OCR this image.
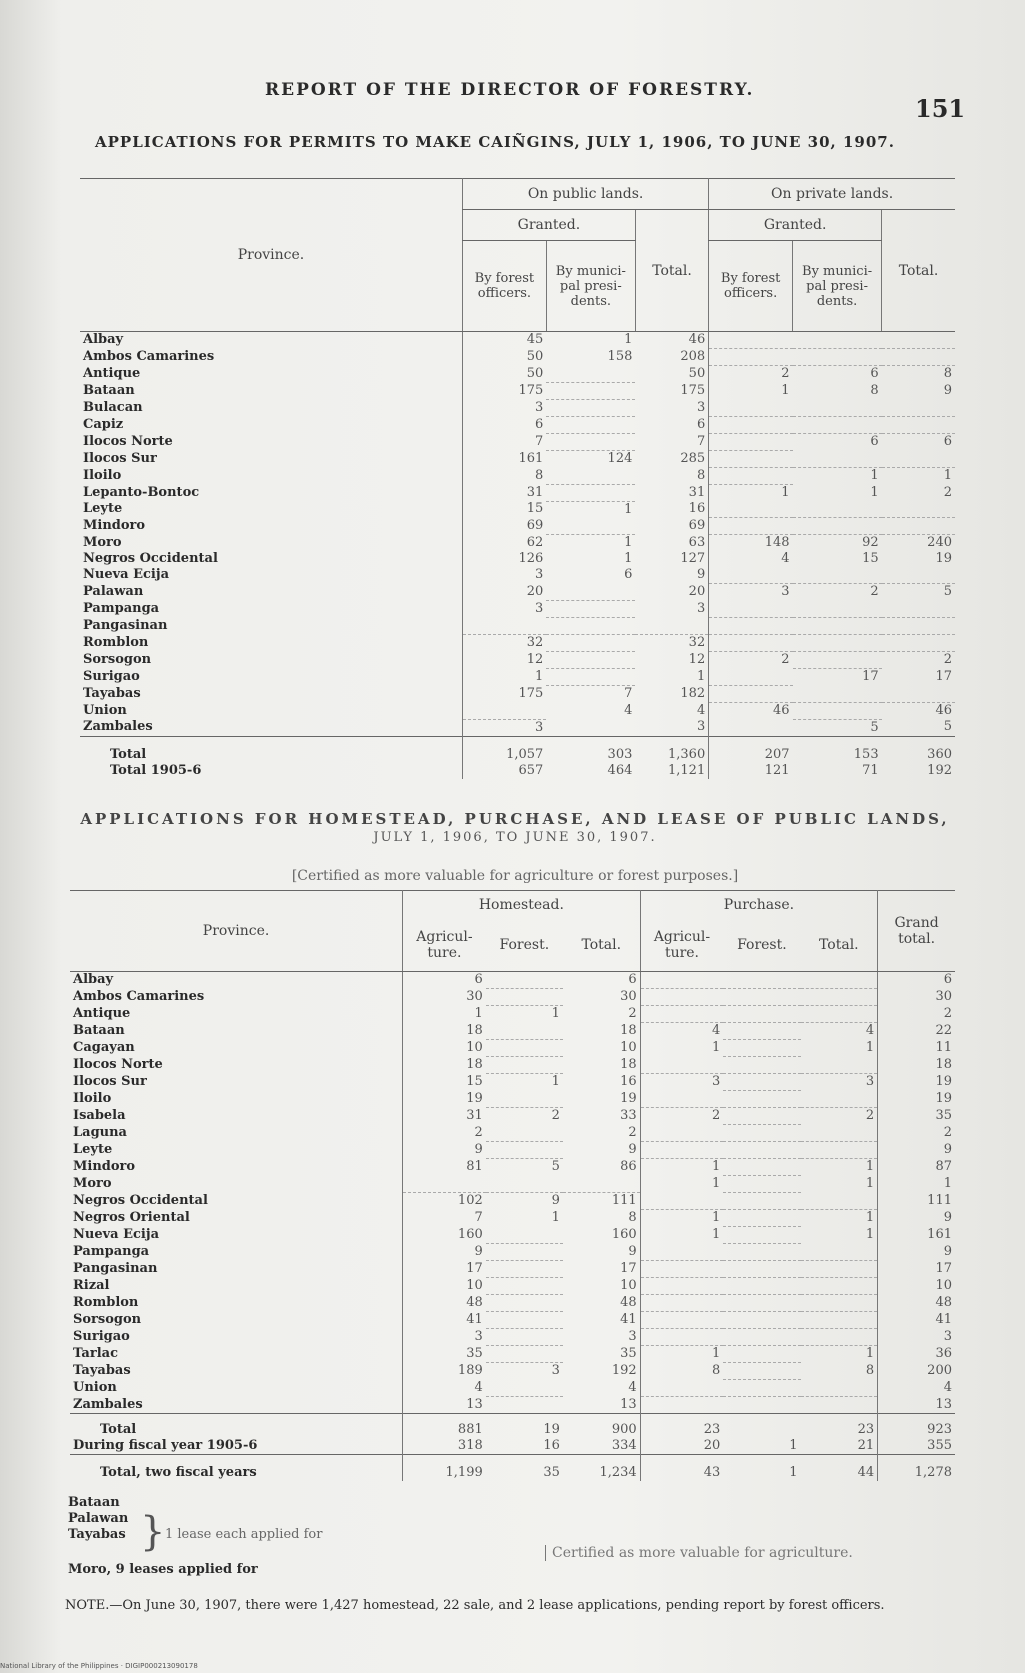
REPORT OF THE DIRECTOR OF FORESTRY.
151
APPLICATIONS FOR PERMITS TO MAKE CAIÑGINS, JULY 1, 1906, TO JUNE 30, 1907.
Province.	On public lands.			On private lands.		
	Granted.		Total.	Granted.		Total.
	By forest officers.	By munici-pal presi-dents.		By forest officers.	By munici-pal presi-dents.	
Albay	45	1	46			
Ambos Camarines	50	158	208			
Antique	50		50	2	6	8
Bataan	175		175	1	8	9
Bulacan	3		3			
Capiz	6		6			
Ilocos Norte	7		7		6	6
Ilocos Sur	161	124	285			
Iloilo	8		8		1	1
Lepanto-Bontoc	31		31	1	1	2
Leyte	15	1	16			
Mindoro	69		69			
Moro	62	1	63	148	92	240
Negros Occidental	126	1	127	4	15	19
Nueva Ecija	3	6	9			
Palawan	20		20	3	2	5
Pampanga	3		3			
Pangasinan						
Romblon	32		32			
Sorsogon	12		12	2		2
Surigao	1		1		17	17
Tayabas	175	7	182			
Union		4	4	46		46
Zambales	3		3		5	5
Total	1,057	303	1,360	207	153	360
Total 1905-6	657	464	1,121	121	71	192
APPLICATIONS FOR HOMESTEAD, PURCHASE, AND LEASE OF PUBLIC LANDS,
JULY 1, 1906, TO JUNE 30, 1907.
[Certified as more valuable for agriculture or forest purposes.]
Province.	Homestead.			Purchase.			Grand total.
	Agricul-ture.	Forest.	Total.	Agricul-ture.	Forest.	Total.	
Albay	6		6				6
Ambos Camarines	30		30				30
Antique	1	1	2				2
Bataan	18		18	4		4	22
Cagayan	10		10	1		1	11
Ilocos Norte	18		18				18
Ilocos Sur	15	1	16	3		3	19
Iloilo	19		19				19
Isabela	31	2	33	2		2	35
Laguna	2		2				2
Leyte	9		9				9
Mindoro	81	5	86	1		1	87
Moro				1		1	1
Negros Occidental	102	9	111				111
Negros Oriental	7	1	8	1		1	9
Nueva Ecija	160		160	1		1	161
Pampanga	9		9				9
Pangasinan	17		17				17
Rizal	10		10				10
Romblon	48		48				48
Sorsogon	41		41				41
Surigao	3		3				3
Tarlac	35		35	1		1	36
Tayabas	189	3	192	8		8	200
Union	4		4				4
Zambales	13		13				13
Total	881	19	900	23		23	923
During fiscal year 1905-6	318	16	334	20	1	21	355
Total, two fiscal years	1,199	35	1,234	43	1	44	1,278
Bataan
Palawan
Tayabas } 1 lease each applied for
Moro, 9 leases applied for
Certified as more valuable for agriculture.
NOTE.—On June 30, 1907, there were 1,427 homestead, 22 sale, and 2 lease applications, pending report by forest officers.
National Library of the Philippines · DIGIP000213090178
